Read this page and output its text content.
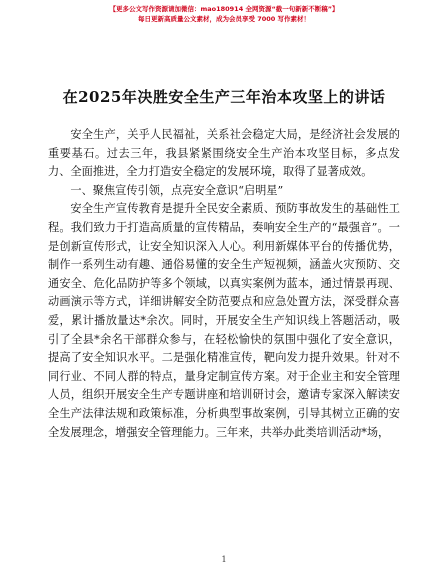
【更多公文写作资源请加微信：mao180914 全网资源“截一句新新不断稿”】
每日更新高质量公文素材，成为会员享受 7000 写作素材！
在2025年决胜安全生产三年治本攻坚上的讲话

安全生产，关乎人民福祉，关系社会稳定大局，是经济社会发展的重要基石。过去三年，我县紧紧围绕安全生产治本攻坚目标，多点发力、全面推进，全力打造安全稳定的发展环境，取得了显著成效。

一、聚焦宣传引领，点亮安全意识“启明星”

安全生产宣传教育是提升全民安全素质、预防事故发生的基础性工程。我们致力于打造高质量的宣传精品，奏响安全生产的“最强音”。一是创新宣传形式，让安全知识深入人心。利用新媒体平台的传播优势，制作一系列生动有趣、通俗易懂的安全生产短视频，涵盖火灾预防、交通安全、危化品防护等多个领域，以真实案例为蓝本，通过情景再现、动画演示等方式，详细讲解安全防范要点和应急处置方法，深受群众喜爱，累计播放量达*余次。同时，开展安全生产知识线上答题活动，吸引了全县*余名干部群众参与，在轻松愉快的氛围中强化了安全意识，提高了安全知识水平。二是强化精准宣传，靶向发力提升效果。针对不同行业、不同人群的特点，量身定制宣传方案。对于企业主和安全管理人员，组织开展安全生产专题讲座和培训研讨会，邀请专家深入解读安全生产法律法规和政策标准，分析典型事故案例，引导其树立正确的安全发展理念，增强安全管理能力。三年来，共举办此类培训活动*场，

1
